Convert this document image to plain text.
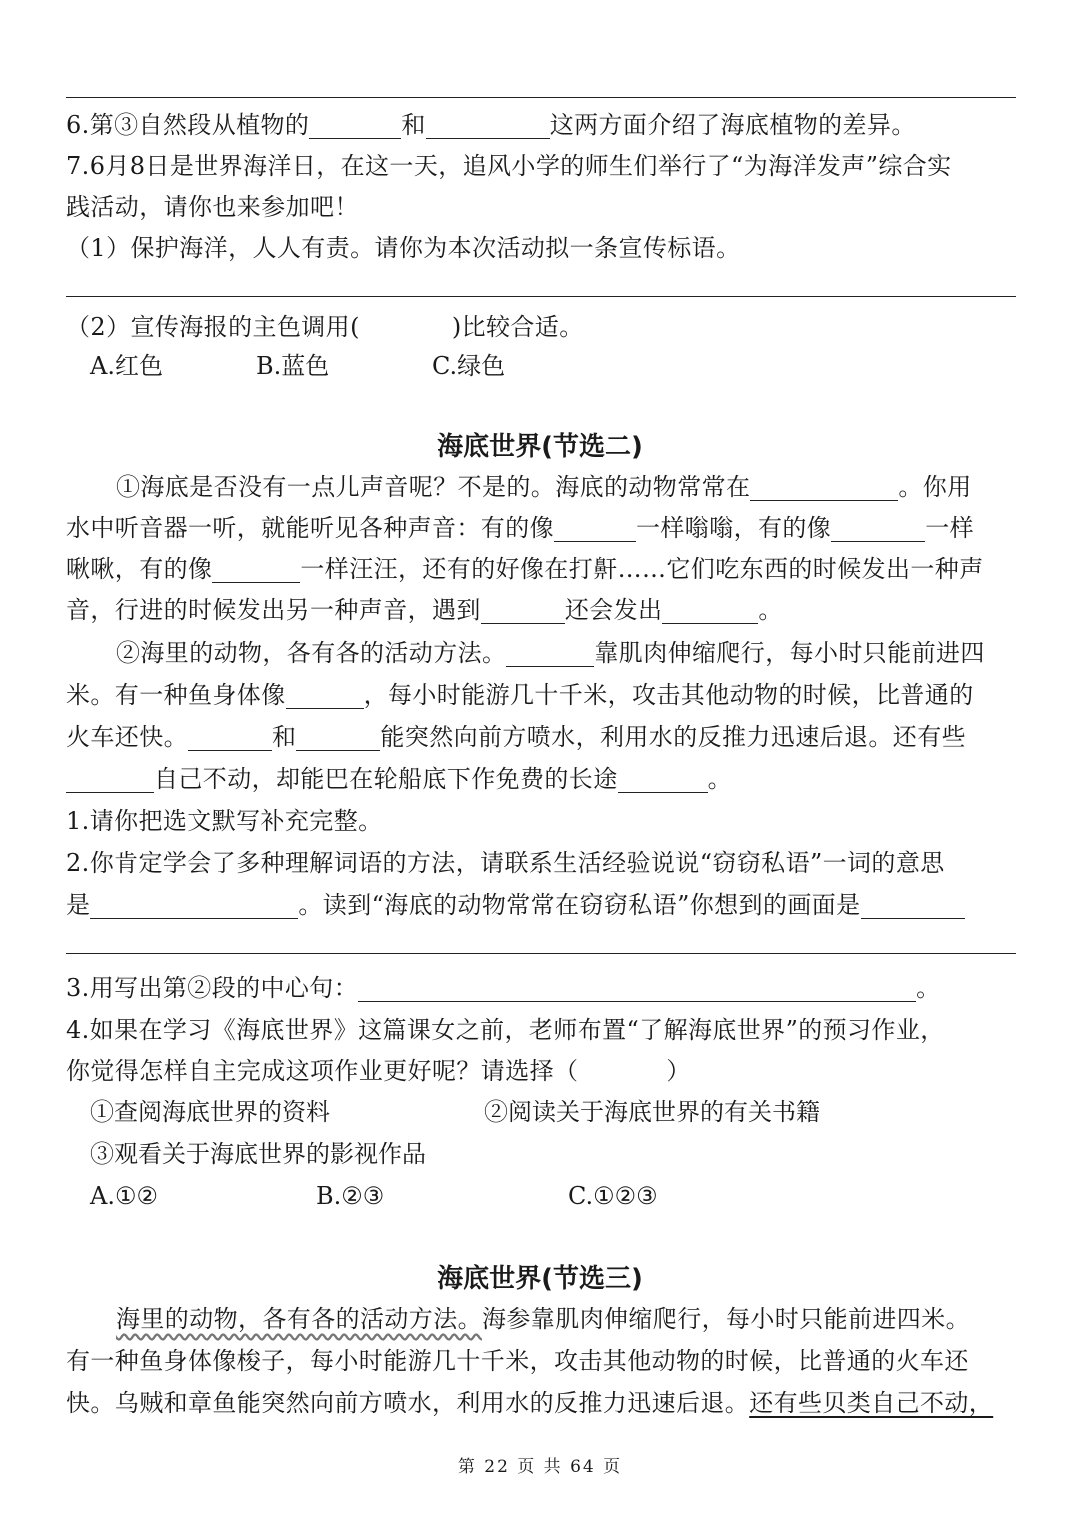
6.第③自然段从植物的	和	这两方面介绍了海底植物的差异。
7.6月8日是世界海洋日，在这一天，追风小学的师生们举行了“为海洋发声”综合实
践活动，请你也来参加吧！
（1）保护海洋，人人有责。请你为本次活动拟一条宣传标语。
（2）宣传海报的主色调用(	)比较合适。
A.红色	B.蓝色	C.绿色
海底世界(节选二)
①海底是否没有一点儿声音呢？不是的。海底的动物常常在	。你用
水中听音器一听，就能听见各种声音：有的像	一样嗡嗡，有的像	一样
啾啾，有的像	一样汪汪，还有的好像在打鼾……它们吃东西的时候发出一种声
音，行进的时候发出另一种声音，遇到	还会发出	。
②海里的动物，各有各的活动方法。	靠肌肉伸缩爬行，每小时只能前进四
米。有一种鱼身体像	，每小时能游几十千米，攻击其他动物的时候，比普通的
火车还快。	和	能突然向前方喷水，利用水的反推力迅速后退。还有些
自己不动，却能巴在轮船底下作免费的长途	。
1.请你把选文默写补充完整。
2.你肯定学会了多种理解词语的方法，请联系生活经验说说“窃窃私语”一词的意思
是	。读到“海底的动物常常在窃窃私语”你想到的画面是
3.用写出第②段的中心句：	。
4.如果在学习《海底世界》这篇课女之前，老师布置“了解海底世界”的预习作业，
你觉得怎样自主完成这项作业更好呢？请选择（	）
①查阅海底世界的资料	②阅读关于海底世界的有关书籍
③观看关于海底世界的影视作品
A.①②	B.②③	C.①②③
海底世界(节选三)
海里的动物，各有各的活动方法。海参靠肌肉伸缩爬行，每小时只能前进四米。
有一种鱼身体像梭子，每小时能游几十千米，攻击其他动物的时候，比普通的火车还
快。乌贼和章鱼能突然向前方喷水，利用水的反推力迅速后退。还有些贝类自己不动，
第 22 页 共 64 页
